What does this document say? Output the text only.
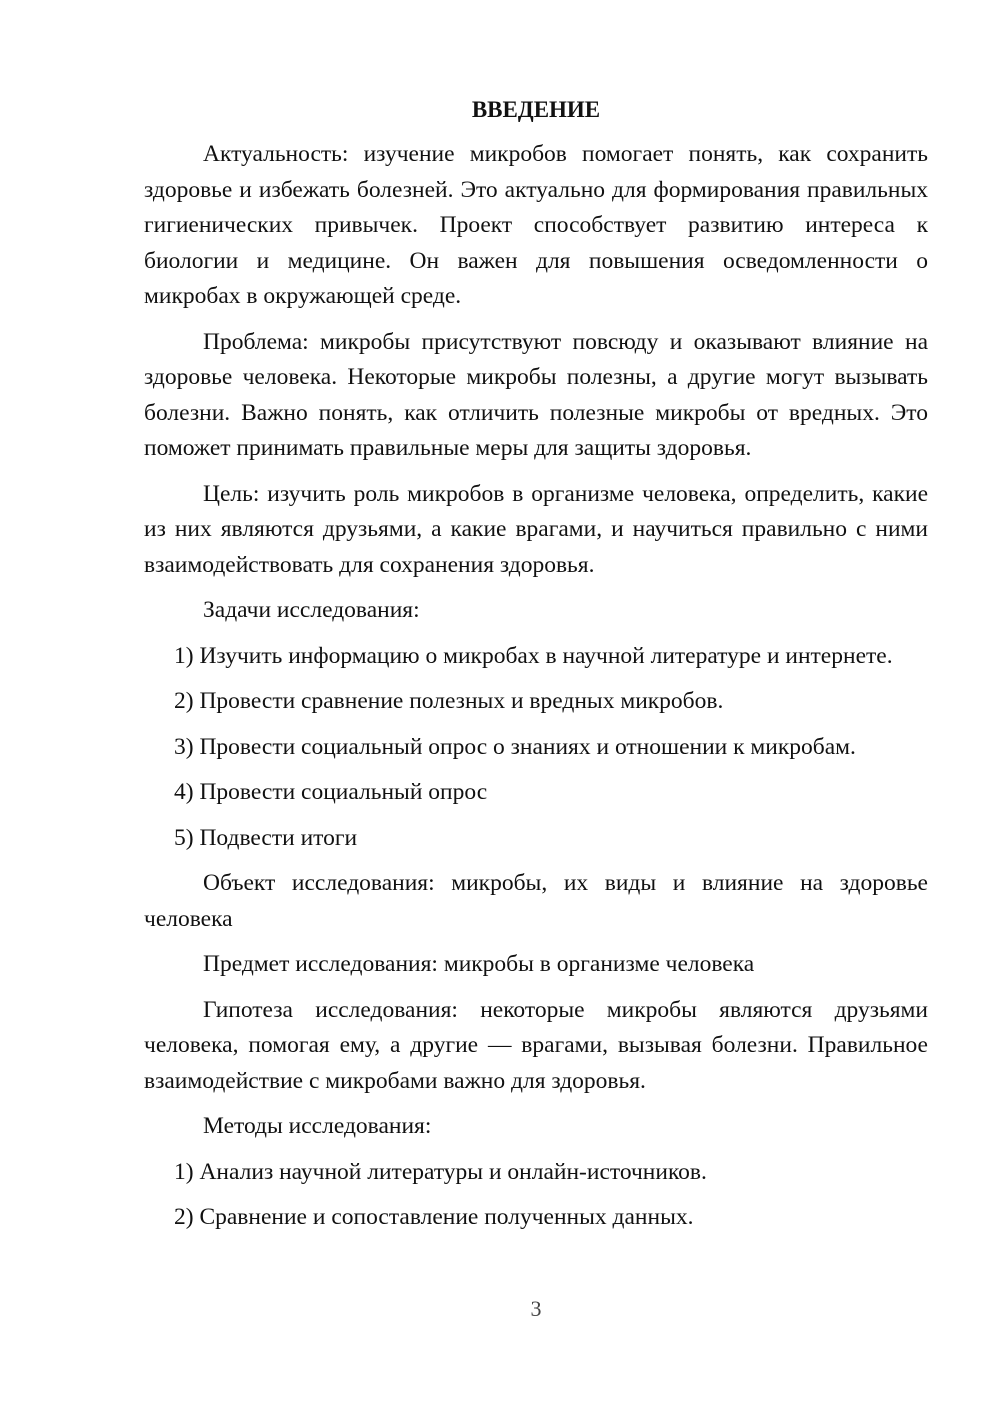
ВВЕДЕНИЕ

Актуальность: изучение микробов помогает понять, как сохранить здоровье и избежать болезней. Это актуально для формирования правильных гигиенических привычек. Проект способствует развитию интереса к биологии и медицине. Он важен для повышения осведомленности о микробах в окружающей среде.

Проблема: микробы присутствуют повсюду и оказывают влияние на здоровье человека. Некоторые микробы полезны, а другие могут вызывать болезни. Важно понять, как отличить полезные микробы от вредных. Это поможет принимать правильные меры для защиты здоровья.

Цель: изучить роль микробов в организме человека, определить, какие из них являются друзьями, а какие врагами, и научиться правильно с ними взаимодействовать для сохранения здоровья.

Задачи исследования:

1) Изучить информацию о микробах в научной литературе и интернете.

2) Провести сравнение полезных и вредных микробов.

3) Провести социальный опрос о знаниях и отношении к микробам.

4) Провести социальный опрос

5) Подвести итоги

Объект исследования: микробы, их виды и влияние на здоровье человека

Предмет исследования: микробы в организме человека

Гипотеза исследования: некоторые микробы являются друзьями человека, помогая ему, а другие — врагами, вызывая болезни. Правильное взаимодействие с микробами важно для здоровья.

Методы исследования:

1) Анализ научной литературы и онлайн-источников.

2) Сравнение и сопоставление полученных данных.

3
